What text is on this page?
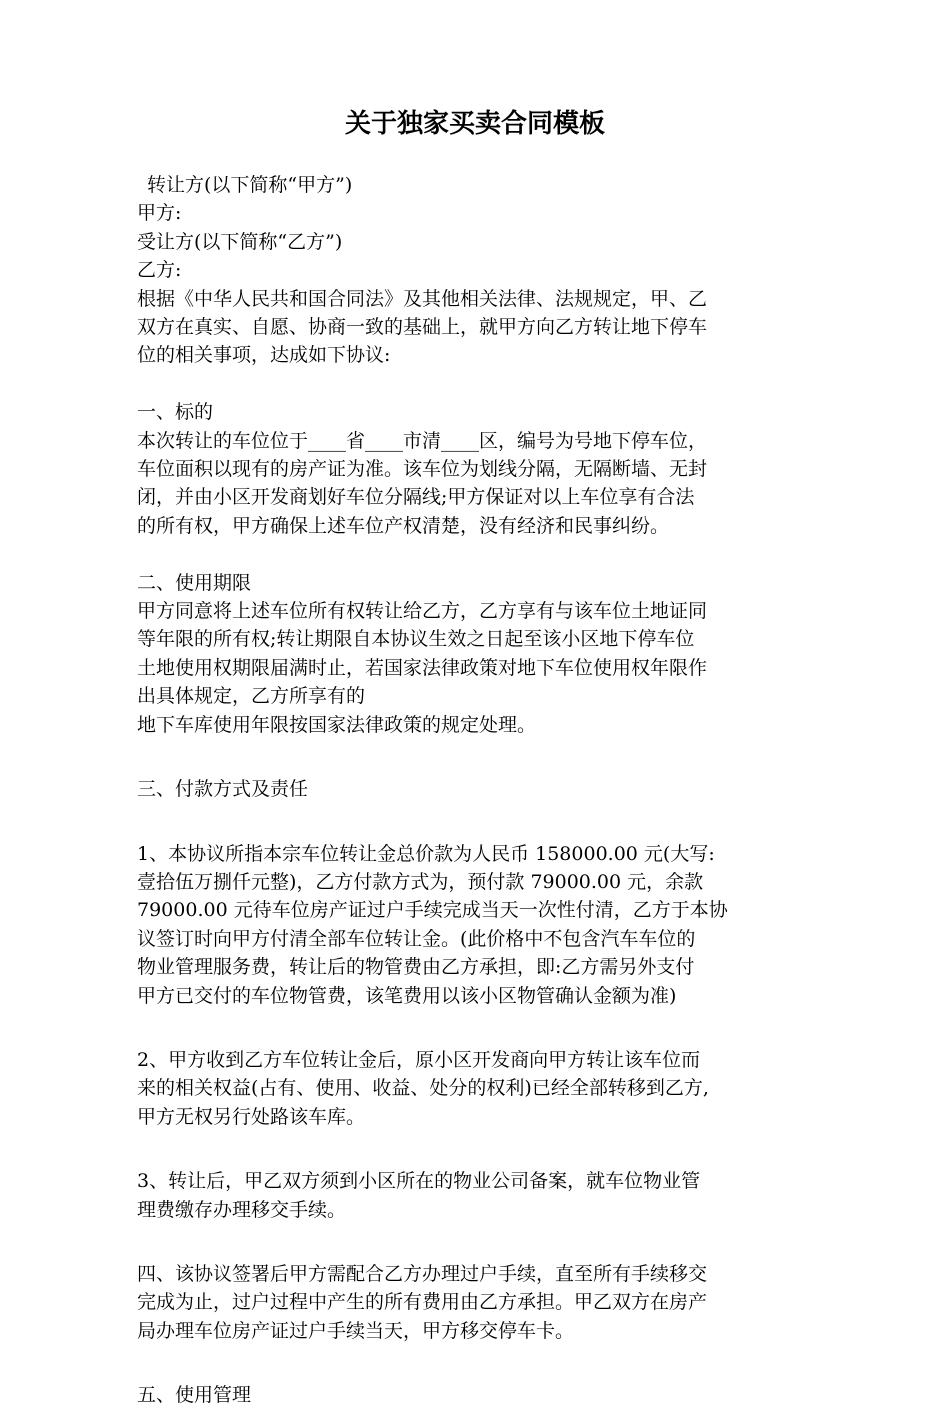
关于独家买卖合同模板

转让方(以下简称“甲方”)

甲方:

受让方(以下简称“乙方”)

乙方:

根据《中华人民共和国合同法》及其他相关法律、法规规定，甲、乙

双方在真实、自愿、协商一致的基础上，就甲方向乙方转让地下停车

位的相关事项，达成如下协议:

一、标的

本次转让的车位位于____省____市清____区，编号为号地下停车位，

车位面积以现有的房产证为准。该车位为划线分隔，无隔断墙、无封

闭，并由小区开发商划好车位分隔线;甲方保证对以上车位享有合法

的所有权，甲方确保上述车位产权清楚，没有经济和民事纠纷。

二、使用期限

甲方同意将上述车位所有权转让给乙方，乙方享有与该车位土地证同

等年限的所有权;转让期限自本协议生效之日起至该小区地下停车位

土地使用权期限届满时止，若国家法律政策对地下车位使用权年限作

出具体规定，乙方所享有的

地下车库使用年限按国家法律政策的规定处理。

三、付款方式及责任

1、本协议所指本宗车位转让金总价款为人民币 158000.00 元(大写:

壹拾伍万捌仟元整)，乙方付款方式为，预付款 79000.00 元，余款

79000.00 元待车位房产证过户手续完成当天一次性付清，乙方于本协

议签订时向甲方付清全部车位转让金。(此价格中不包含汽车车位的

物业管理服务费，转让后的物管费由乙方承担，即:乙方需另外支付

甲方已交付的车位物管费，该笔费用以该小区物管确认金额为准)

2、甲方收到乙方车位转让金后，原小区开发商向甲方转让该车位而

来的相关权益(占有、使用、收益、处分的权利)已经全部转移到乙方,

甲方无权另行处路该车库。

3、转让后，甲乙双方须到小区所在的物业公司备案，就车位物业管

理费缴存办理移交手续。

四、该协议签署后甲方需配合乙方办理过户手续，直至所有手续移交

完成为止，过户过程中产生的所有费用由乙方承担。甲乙双方在房产

局办理车位房产证过户手续当天，甲方移交停车卡。

五、使用管理
